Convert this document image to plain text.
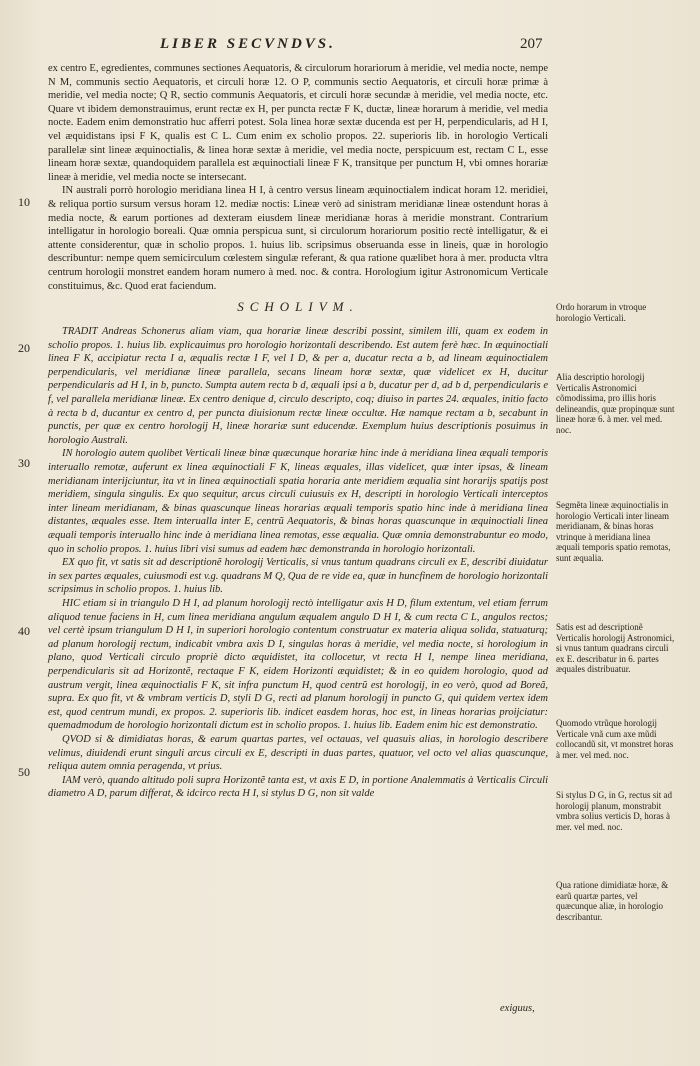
LIBER SECVNDVS.	207
10
20
30
40
50

ex centro E, egredientes, communes sectiones Aequatoris, & circulorum horariorum à meridie, vel media nocte, nempe N M, communis sectio Aequatoris, et circuli horæ 12. O P, communis sectio Aequatoris, et circuli horæ primæ à meridie, vel media nocte; Q R, sectio communis Aequatoris, et circuli horæ secundæ à meridie, vel media nocte, etc. Quare vt ibidem demonstrauimus, erunt rectæ ex H, per puncta rectæ F K, ductæ, lineæ horarum à meridie, vel media nocte. Eadem enim demonstratio huc afferri potest. Sola linea horæ sextæ ducenda est per H, perpendicularis, ad H I, vel æquidistans ipsi F K, qualis est C L. Cum enim ex scholio propos. 22. superioris lib. in horologio Verticali parallelæ sint lineæ æquinoctialis, & linea horæ sextæ à meridie, vel media nocte, perspicuum est, rectam C L, esse lineam horæ sextæ, quandoquidem parallela est æquinoctiali lineæ F K, transitque per punctum H, vbi omnes horariæ lineæ à meridie, vel media nocte se intersecant.

IN australi porrò horologio meridiana linea H I, à centro versus lineam æquinoctialem indicat horam 12. meridiei, & reliqua portio sursum versus horam 12. mediæ noctis: Lineæ verò ad sinistram meridianæ lineæ ostendunt horas à media nocte, & earum portiones ad dexteram eiusdem lineæ meridianæ horas à meridie monstrant. Contrarium intelligatur in horologio boreali. Quæ omnia perspicua sunt, si circulorum horariorum positio rectè intelligatur, & ei attente considerentur, quæ in scholio propos. 1. huius lib. scripsimus obseruanda esse in lineis, quæ in horologio describuntur: nempe quem semicirculum cœlestem singulæ referant, & qua ratione quælibet hora à mer. producta vltra centrum horologii monstret eandem horam numero à med. noc. & contra. Horologium igitur Astronomicum Verticale constituimus, &c. Quod erat faciendum.

SCHOLIVM.

TRADIT Andreas Schonerus aliam viam, qua horariæ lineæ describi possint, similem illi, quam ex eodem in scholio propos. 1. huius lib. explicauimus pro horologio horizontali describendo. Est autem ferè hæc. In æquinoctiali linea F K, accipiatur recta I a, æqualis rectæ I F, vel I D, & per a, ducatur recta a b, ad lineam æquinoctialem perpendicularis, vel meridianæ lineæ parallela, secans lineam horæ sextæ, quæ videlicet ex H, ducitur perpendicularis ad H I, in b, puncto. Sumpta autem recta b d, æquali ipsi a b, ducatur per d, ad b d, perpendicularis e f, vel parallela meridianæ lineæ. Ex centro denique d, circulo descripto, coq; diuiso in partes 24. æquales, initio facto à recta b d, ducantur ex centro d, per puncta diuisionum rectæ lineæ occultæ. Hæ namque rectam a b, secabunt in punctis, per quæ ex centro horologij H, lineæ horariæ sunt educendæ. Exemplum huius descriptionis posuimus in horologio Australi.

IN horologio autem quolibet Verticali lineæ binæ quæcunque horariæ hinc inde à meridiana linea æquali temporis interuallo remotæ, auferunt ex linea æquinoctiali F K, lineas æquales, illas videlicet, quæ inter ipsas, & lineam meridianam interijciuntur, ita vt in linea æquinoctiali spatia horaria ante meridiem æqualia sint horarijs spatijs post meridiem, singula singulis. Ex quo sequitur, arcus circuli cuiusuis ex H, descripti in horologio Verticali interceptos inter lineam meridianam, & binas quascunque lineas horarias æquali temporis spatio hinc inde à meridiana linea distantes, æquales esse. Item interualla inter E, centrũ Aequatoris, & binas horas quascunque in æquinoctiali linea æquali temporis interuallo hinc inde à meridiana linea remotas, esse æqualia. Quæ omnia demonstrabuntur eo modo, quo in scholio propos. 1. huius libri visi sumus ad eadem hæc demonstranda in horologio horizontali.

EX quo fit, vt satis sit ad descriptionẽ horologij Verticalis, si vnus tantum quadrans circuli ex E, describi diuidatur in sex partes æquales, cuiusmodi est v.g. quadrans M Q, Qua de re vide ea, quæ in huncfinem de horologio horizontali scripsimus in scholio propos. 1. huius lib.

HIC etiam si in triangulo D H I, ad planum horologij rectò intelligatur axis H D, filum extentum, vel etiam ferrum aliquod tenue faciens in H, cum linea meridiana angulum æqualem angulo D H I, & cum recta C L, angulos rectos; vel certè ipsum triangulum D H I, in superiori horologio contentum construatur ex materia aliqua solida, statuaturq; ad planum horologij rectum, indicabit vmbra axis D I, singulas horas à meridie, vel media nocte, si horologium in plano, quod Verticali circulo propriè dicto æquidistet, ita collocetur, vt recta H I, nempe linea meridiana, perpendicularis sit ad Horizontẽ, rectaque F K, eidem Horizonti æquidistet; & in eo quidem horologio, quod ad austrum vergit, linea æquinoctialis F K, sit infra punctum H, quod centrũ est horologij, in eo verò, quod ad Boreã, supra. Ex quo fit, vt & vmbram verticis D, styli D G, recti ad planum horologij in puncto G, qui quidem vertex idem est, quod centrum mundi, ex propos. 2. superioris lib. indicet easdem horas, hoc est, in lineas horarias proijciatur: quemadmodum de horologio horizontali dictum est in scholio propos. 1. huius lib. Eadem enim hic est demonstratio.

QVOD si & dimidiatas horas, & earum quartas partes, vel octauas, vel quasuis alias, in horologio describere velimus, diuidendi erunt singuli arcus circuli ex E, descripti in duas partes, quatuor, vel octo vel alias quascunque, reliqua autem omnia peragenda, vt prius.

IAM verò, quando altitudo poli supra Horizontẽ tanta est, vt axis E D, in portione Analemmatis à Verticalis Circuli diametro A D, parum differat, & idcirco recta H I, si stylus D G, non sit valde

exiguus,

Ordo horarum in vtroque horologio Verticali.

Alia descriptio horologij Verticalis Astronomici cõmodissima, pro illis horis delineandis, quæ propinquæ sunt lineæ horæ 6. à mer. vel med. noc.

Segmẽta lineæ æquinoctialis in horologio Verticali inter lineam meridianam, & binas horas vtrinque à meridiana linea æquali temporis spatio remotas, sunt æqualia.

Satis est ad descriptionẽ Verticalis horologij Astronomici, si vnus tantum quadrans circuli ex E. describatur in 6. partes æquales distribuatur.

Quomodo vtrũque horologij Verticale vnã cum axe mũdi collocandũ sit, vt monstret horas à mer. vel med. noc.

Si stylus D G, in G, rectus sit ad horologij planum, monstrabit vmbra solius verticis D, horas à mer. vel med. noc.

Qua ratione dimidiatæ horæ, & earũ quartæ partes, vel quæcunque aliæ, in horologio describantur.
